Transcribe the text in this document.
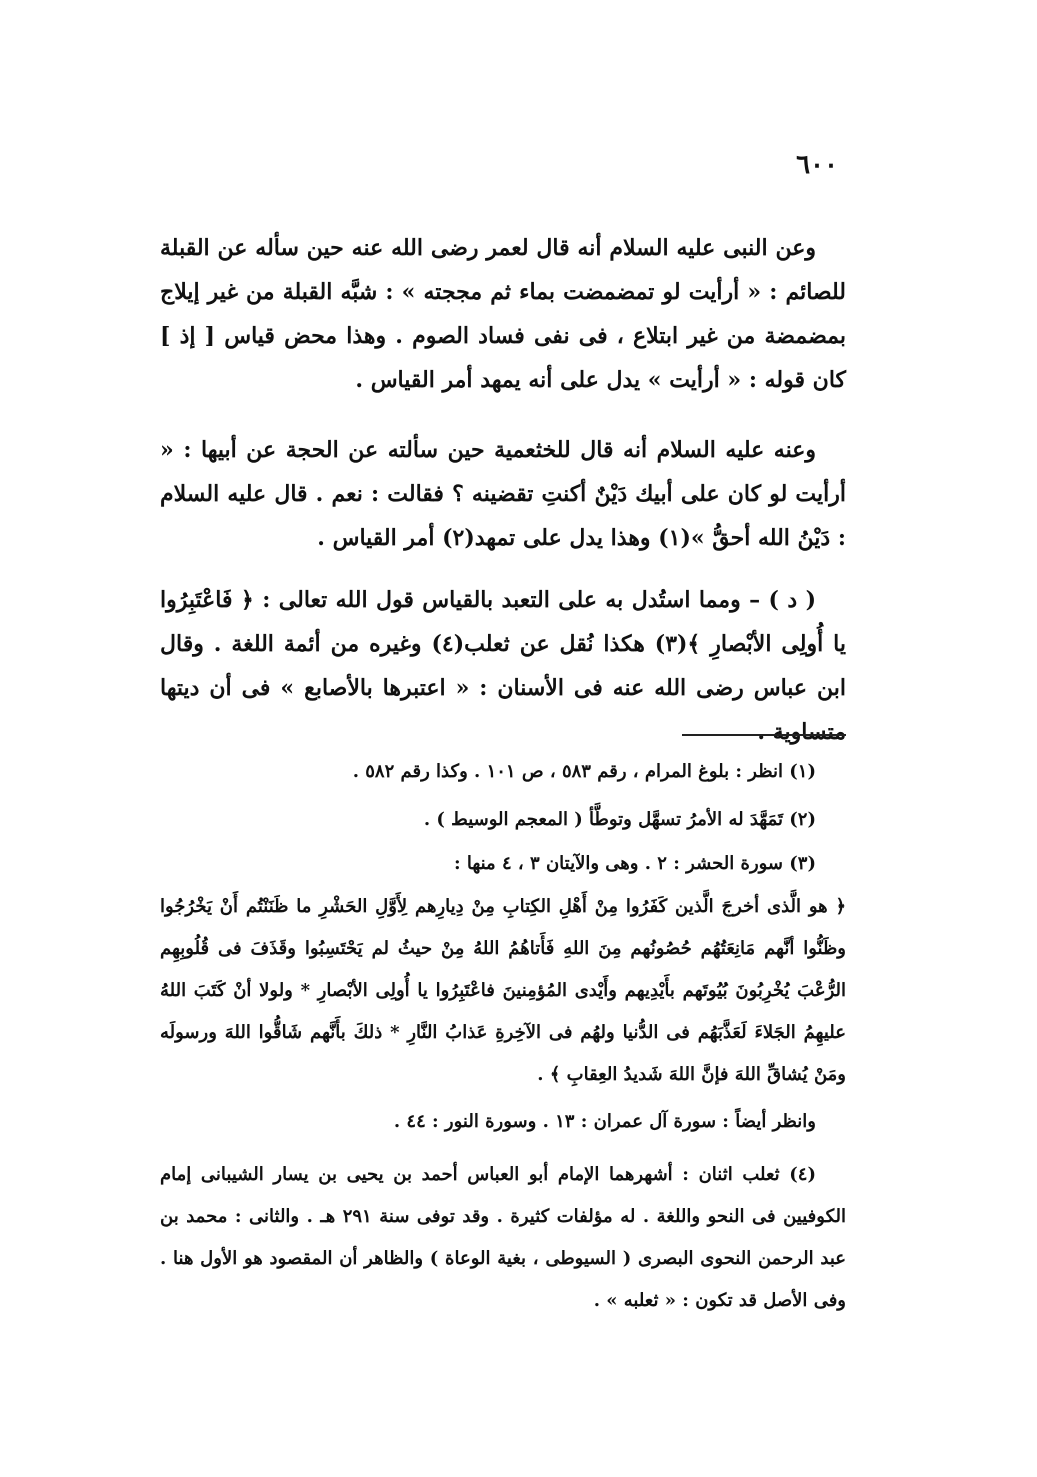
٦٠٠

وعن النبى عليه السلام أنه قال لعمر رضى الله عنه حين سأله عن القبلة للصائم : « أرأيت لو تمضمضت بماء ثم مججته » : شبَّه القبلة من غير إيلاج بمضمضة من غير ابتلاع ، فى نفى فساد الصوم . وهذا محض قياس [ إذ ] كان قوله : « أرأيت » يدل على أنه يمهد أمر القياس .

وعنه عليه السلام أنه قال للخثعمية حين سألته عن الحجة عن أبيها : « أرأيت لو كان على أبيك دَيْنٌ أكنتِ تقضينه ؟ فقالت : نعم . قال عليه السلام : دَيْنُ الله أحقُّ »(١) وهذا يدل على تمهد(٢) أمر القياس .

( د ) – ومما استُدل به على التعبد بالقياس قول الله تعالى : ﴿ فَاعْتَبِرُوا يا أُولِى الأبْصارِ ﴾(٣) هكذا نُقل عن ثعلب(٤) وغيره من أئمة اللغة . وقال ابن عباس رضى الله عنه فى الأسنان : « اعتبرها بالأصابع » فى أن ديتها متساوية .

(١) انظر : بلوغ المرام ، رقم ٥٨٣ ، ص ١٠١ . وكذا رقم ٥٨٢ .

(٢) تَمَهَّدَ له الأمرُ تسهَّل وتوطَّأ ( المعجم الوسيط ) .

(٣) سورة الحشر : ٢ . وهى والآيتان ٣ ، ٤ منها :

﴿ هو الَّذى أخرجَ الَّذين كَفَرُوا مِنْ أَهْلِ الكِتابِ مِنْ دِيارِهم لِأَوَّلِ الحَشْرِ ما ظَنَنْتُم أَنْ يَخْرُجُوا وظَنُّوا أنَّهم مَانِعَتُهُم حُصُونُهم مِنَ اللهِ فَأَتاهُمُ اللهُ مِنْ حيثُ لم يَحْتَسِبُوا وقَذَفَ فى قُلُوبِهِم الرُّعْبَ يُخْرِبُونَ بُيُوتَهم بأَيْدِيهم وأَيْدى المُؤمِنينَ فاعْتَبِرُوا يا أُولِى الأبْصارِ * ولولا أنْ كَتَبَ اللهُ عليهِمُ الجَلاءَ لَعَذَّبَهُم فى الدُّنيا ولهُم فى الآخِرةِ عَذابُ النَّارِ * ذلكَ بأَنَّهم شَاقُّوا اللهَ ورسولَه ومَنْ يُشاقِّ اللهَ فإنَّ اللهَ شَديدُ العِقابِ ﴾ .

وانظر أيضاً : سورة آل عمران : ١٣ . وسورة النور : ٤٤ .

(٤) ثعلب اثنان : أشهرهما الإمام أبو العباس أحمد بن يحيى بن يسار الشيبانى إمام الكوفيين فى النحو واللغة . له مؤلفات كثيرة . وقد توفى سنة ٢٩١ هـ . والثانى : محمد بن عبد الرحمن النحوى البصرى ( السيوطى ، بغية الوعاة ) والظاهر أن المقصود هو الأول هنا . وفى الأصل قد تكون : « ثعلبه » .
